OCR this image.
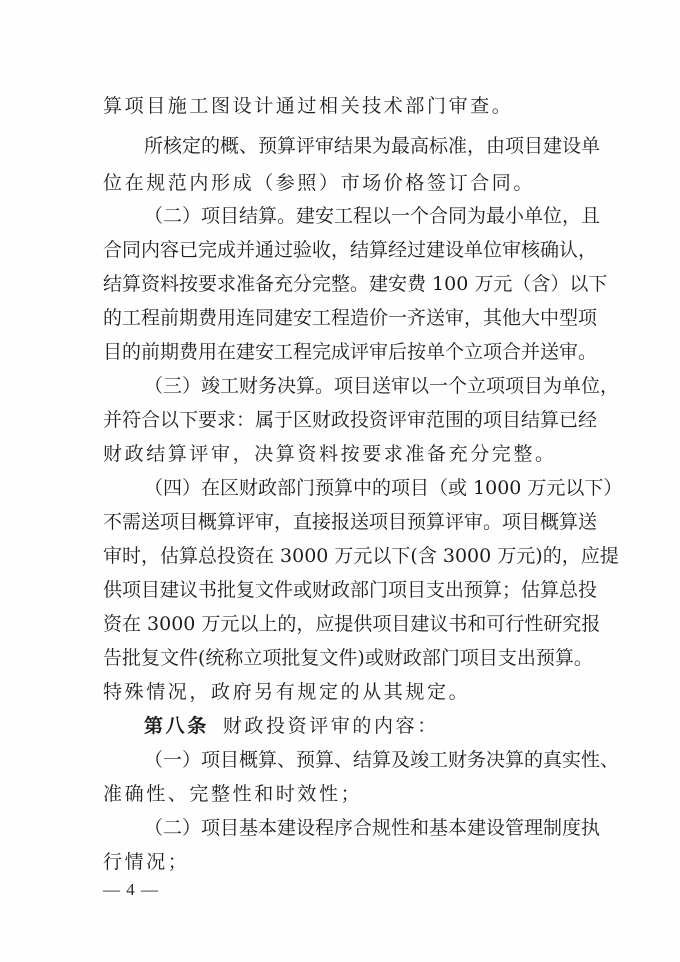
算项目施工图设计通过相关技术部门审查。
所核定的概、预算评审结果为最高标准，由项目建设单
位在规范内形成（参照）市场价格签订合同。
（二）项目结算。建安工程以一个合同为最小单位，且
合同内容已完成并通过验收，结算经过建设单位审核确认，
结算资料按要求准备充分完整。建安费 100 万元（含）以下
的工程前期费用连同建安工程造价一齐送审，其他大中型项
目的前期费用在建安工程完成评审后按单个立项合并送审。
（三）竣工财务决算。项目送审以一个立项项目为单位，
并符合以下要求：属于区财政投资评审范围的项目结算已经
财政结算评审，决算资料按要求准备充分完整。
（四）在区财政部门预算中的项目（或 1000 万元以下）
不需送项目概算评审，直接报送项目预算评审。项目概算送
审时，估算总投资在 3000 万元以下(含 3000 万元)的，应提
供项目建议书批复文件或财政部门项目支出预算；估算总投
资在 3000 万元以上的，应提供项目建议书和可行性研究报
告批复文件(统称立项批复文件)或财政部门项目支出预算。
特殊情况，政府另有规定的从其规定。
第八条 财政投资评审的内容：
（一）项目概算、预算、结算及竣工财务决算的真实性、
准确性、完整性和时效性；
（二）项目基本建设程序合规性和基本建设管理制度执
行情况；
— 4 —
